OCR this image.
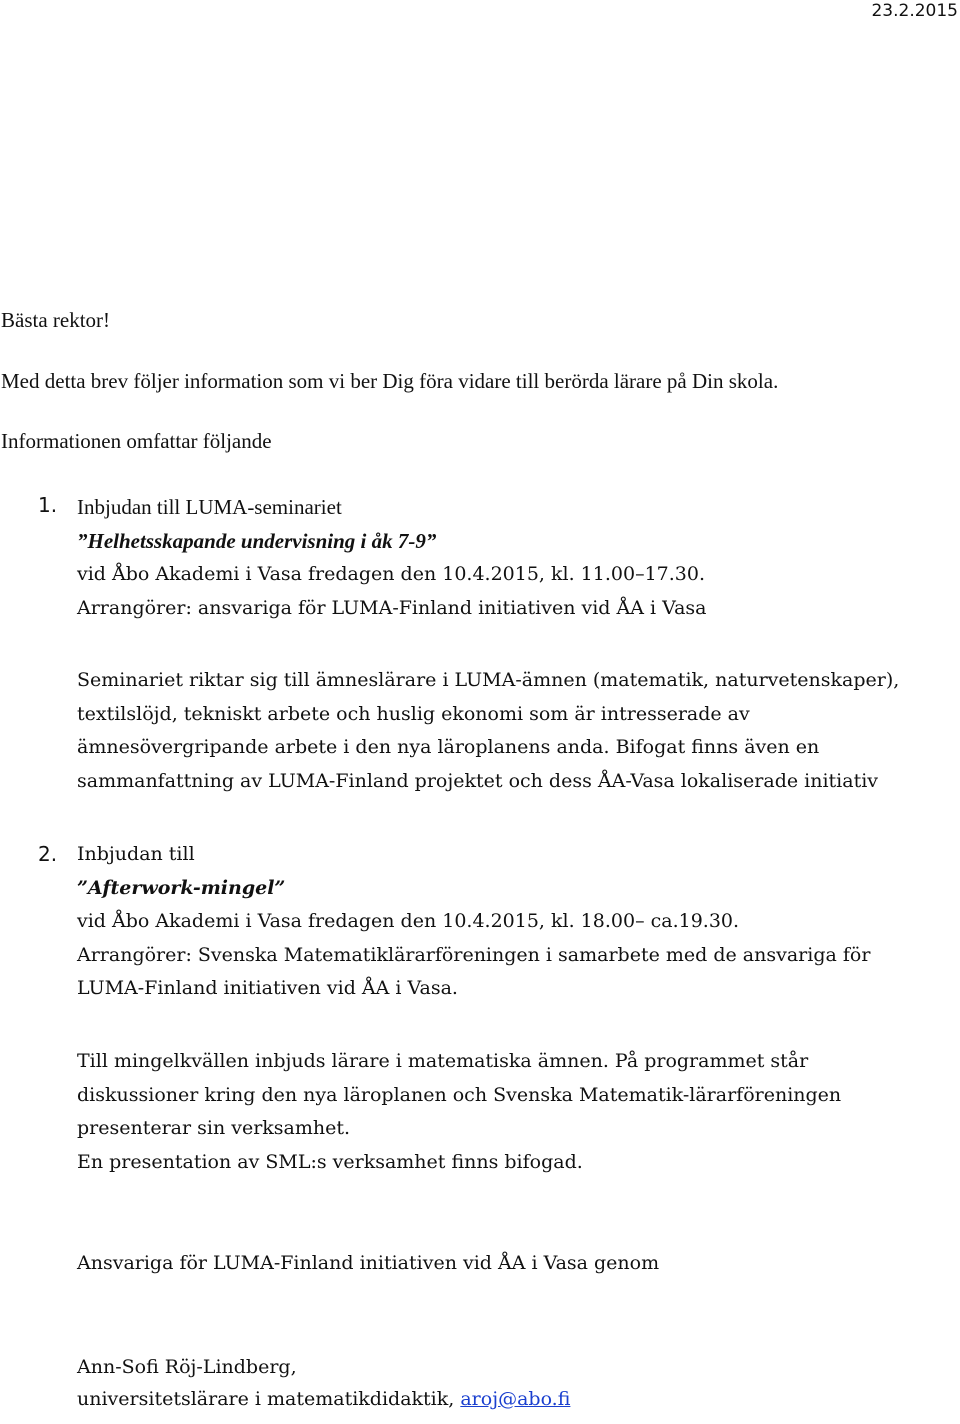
23.2.2015
Bästa rektor!
Med detta brev följer information som vi ber Dig föra vidare till berörda lärare på Din skola.
Informationen omfattar följande
1. Inbjudan till LUMA-seminariet
”Helhetsskapande undervisning i åk 7-9”
vid Åbo Akademi i Vasa fredagen den 10.4.2015, kl. 11.00–17.30.
Arrangörer: ansvariga för LUMA-Finland initiativen vid ÅA i Vasa
Seminariet riktar sig till ämneslärare i LUMA-ämnen (matematik, naturvetenskaper),
textilslöjd, tekniskt arbete och huslig ekonomi som är intresserade av
ämnesövergripande arbete i den nya läroplanens anda. Bifogat finns även en
sammanfattning av LUMA-Finland projektet och dess ÅA-Vasa lokaliserade initiativ
2. Inbjudan till
”Afterwork-mingel”
vid Åbo Akademi i Vasa fredagen den 10.4.2015, kl. 18.00– ca.19.30.
Arrangörer: Svenska Matematiklärarföreningen i samarbete med de ansvariga för
LUMA-Finland initiativen vid ÅA i Vasa.
Till mingelkvällen inbjuds lärare i matematiska ämnen. På programmet står
diskussioner kring den nya läroplanen och Svenska Matematik-lärarföreningen
presenterar sin verksamhet.
En presentation av SML:s verksamhet finns bifogad.
Ansvariga för LUMA-Finland initiativen vid ÅA i Vasa genom
Ann-Sofi Röj-Lindberg,
universitetslärare i matematikdidaktik, aroj@abo.fi
